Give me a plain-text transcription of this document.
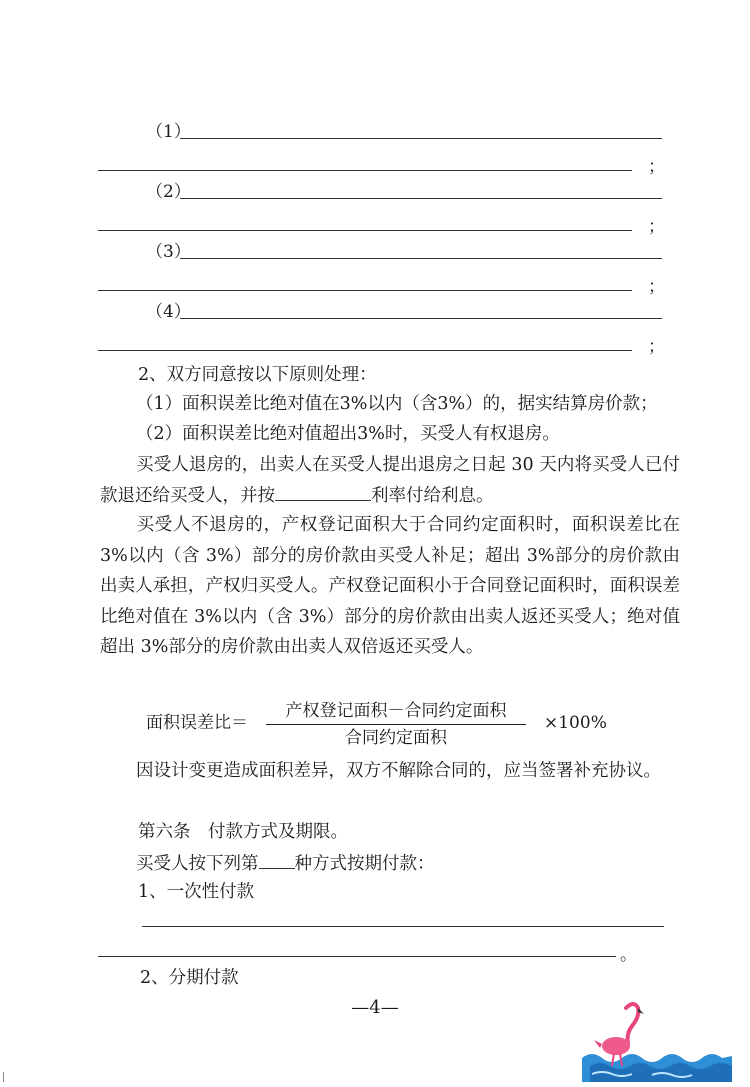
（1）
；
（2）
；
（3）
；
（4）
；
2、双方同意按以下原则处理：
（1）面积误差比绝对值在3%以内（含3%）的，据实结算房价款；
（2）面积误差比绝对值超出3%时，买受人有权退房。
买受人退房的，出卖人在买受人提出退房之日起 30 天内将买受人已付款退还给买受人，并按	利率付给利息。
买受人不退房的，产权登记面积大于合同约定面积时，面积误差比在 3%以内（含 3%）部分的房价款由买受人补足；超出 3%部分的房价款由出卖人承担，产权归买受人。产权登记面积小于合同登记面积时，面积误差比绝对值在 3%以内（含 3%）部分的房价款由出卖人返还买受人；绝对值超出 3%部分的房价款由出卖人双倍返还买受人。
面积误差比＝
产权登记面积－合同约定面积
合同约定面积
×100%
因设计变更造成面积差异，双方不解除合同的，应当签署补充协议。
第六条　付款方式及期限。
买受人按下列第 种方式按期付款：
1、一次性付款
。
2、分期付款
—4—
